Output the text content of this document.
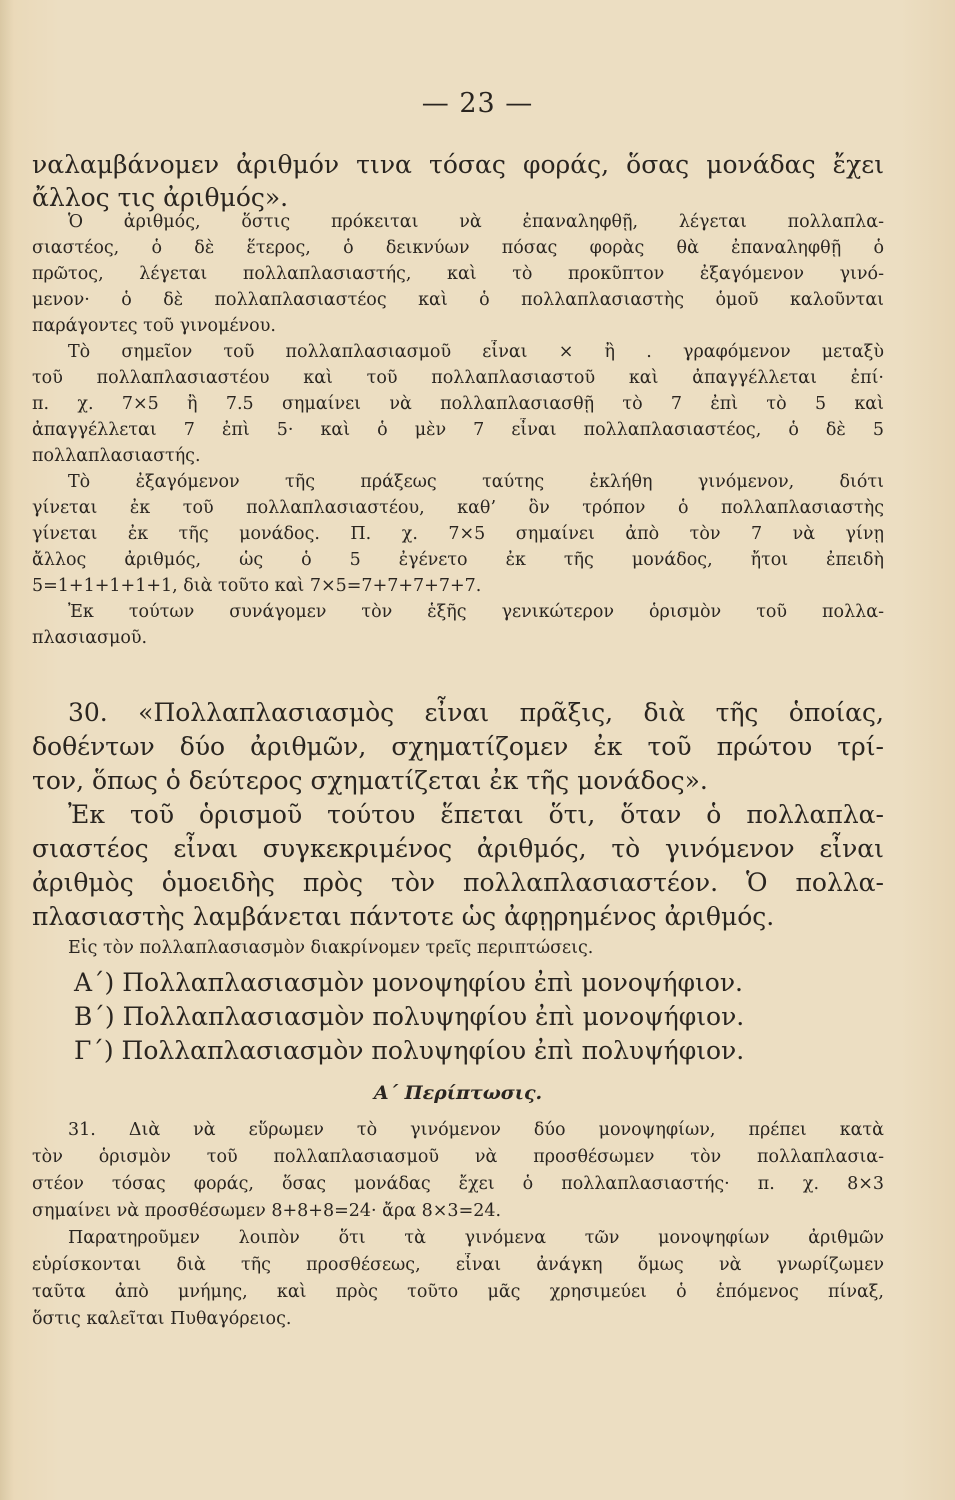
— 23 —
ναλαμβάνομεν ἀριθμόν τινα τόσας φοράς, ὅσας μονάδας ἔχει
ἄλλος τις ἀριθμός».
Ὁ ἀριθμός, ὅστις πρόκειται νὰ ἐπαναληφθῇ, λέγεται πολλαπλα-
σιαστέος, ὁ δὲ ἕτερος, ὁ δεικνύων πόσας φορὰς θὰ ἐπαναληφθῇ ὁ
πρῶτος, λέγεται πολλαπλασιαστής, καὶ τὸ προκῦπτον ἐξαγόμενον γινό-
μενον· ὁ δὲ πολλαπλασιαστέος καὶ ὁ πολλαπλασιαστὴς ὁμοῦ καλοῦνται
παράγοντες τοῦ γινομένου.
Τὸ σημεῖον τοῦ πολλαπλασιασμοῦ εἶναι × ἢ . γραφόμενον μεταξὺ
τοῦ πολλαπλασιαστέου καὶ τοῦ πολλαπλασιαστοῦ καὶ ἀπαγγέλλεται ἐπί·
π. χ. 7×5 ἢ 7.5 σημαίνει νὰ πολλαπλασιασθῇ τὸ 7 ἐπὶ τὸ 5 καὶ
ἀπαγγέλλεται 7 ἐπὶ 5· καὶ ὁ μὲν 7 εἶναι πολλαπλασιαστέος, ὁ δὲ 5
πολλαπλασιαστής.
Τὸ ἐξαγόμενον τῆς πράξεως ταύτης ἐκλήθη γινόμενον, διότι
γίνεται ἐκ τοῦ πολλαπλασιαστέου, καθ’ ὃν τρόπον ὁ πολλαπλασιαστὴς
γίνεται ἐκ τῆς μονάδος. Π. χ. 7×5 σημαίνει ἀπὸ τὸν 7 νὰ γίνῃ
ἄλλος ἀριθμός, ὡς ὁ 5 ἐγένετο ἐκ τῆς μονάδος, ἤτοι ἐπειδὴ
5=1+1+1+1+1, διὰ τοῦτο καὶ 7×5=7+7+7+7+7.
Ἐκ τούτων συνάγομεν τὸν ἑξῆς γενικώτερον ὁρισμὸν τοῦ πολλα-
πλασιασμοῦ.
30. «Πολλαπλασιασμὸς εἶναι πρᾶξις, διὰ τῆς ὁποίας,
δοθέντων δύο ἀριθμῶν, σχηματίζομεν ἐκ τοῦ πρώτου τρί-
τον, ὅπως ὁ δεύτερος σχηματίζεται ἐκ τῆς μονάδος».
Ἐκ τοῦ ὁρισμοῦ τούτου ἕπεται ὅτι, ὅταν ὁ πολλαπλα-
σιαστέος εἶναι συγκεκριμένος ἀριθμός, τὸ γινόμενον εἶναι
ἀριθμὸς ὁμοειδὴς πρὸς τὸν πολλαπλασιαστέον. Ὁ πολλα-
πλασιαστὴς λαμβάνεται πάντοτε ὡς ἀφῃρημένος ἀριθμός.
Εἰς τὸν πολλαπλασιασμὸν διακρίνομεν τρεῖς περιπτώσεις.
Α΄) Πολλαπλασιασμὸν μονοψηφίου ἐπὶ μονοψήφιον.
Β΄) Πολλαπλασιασμὸν πολυψηφίου ἐπὶ μονοψήφιον.
Γ΄) Πολλαπλασιασμὸν πολυψηφίου ἐπὶ πολυψήφιον.
Α΄ Περίπτωσις.
31. Διὰ νὰ εὕρωμεν τὸ γινόμενον δύο μονοψηφίων, πρέπει κατὰ
τὸν ὁρισμὸν τοῦ πολλαπλασιασμοῦ νὰ προσθέσωμεν τὸν πολλαπλασια-
στέον τόσας φοράς, ὅσας μονάδας ἔχει ὁ πολλαπλασιαστής· π. χ. 8×3
σημαίνει νὰ προσθέσωμεν 8+8+8=24· ἄρα 8×3=24.
Παρατηροῦμεν λοιπὸν ὅτι τὰ γινόμενα τῶν μονοψηφίων ἀριθμῶν
εὑρίσκονται διὰ τῆς προσθέσεως, εἶναι ἀνάγκη ὅμως νὰ γνωρίζωμεν
ταῦτα ἀπὸ μνήμης, καὶ πρὸς τοῦτο μᾶς χρησιμεύει ὁ ἑπόμενος πίναξ,
ὅστις καλεῖται Πυθαγόρειος.
